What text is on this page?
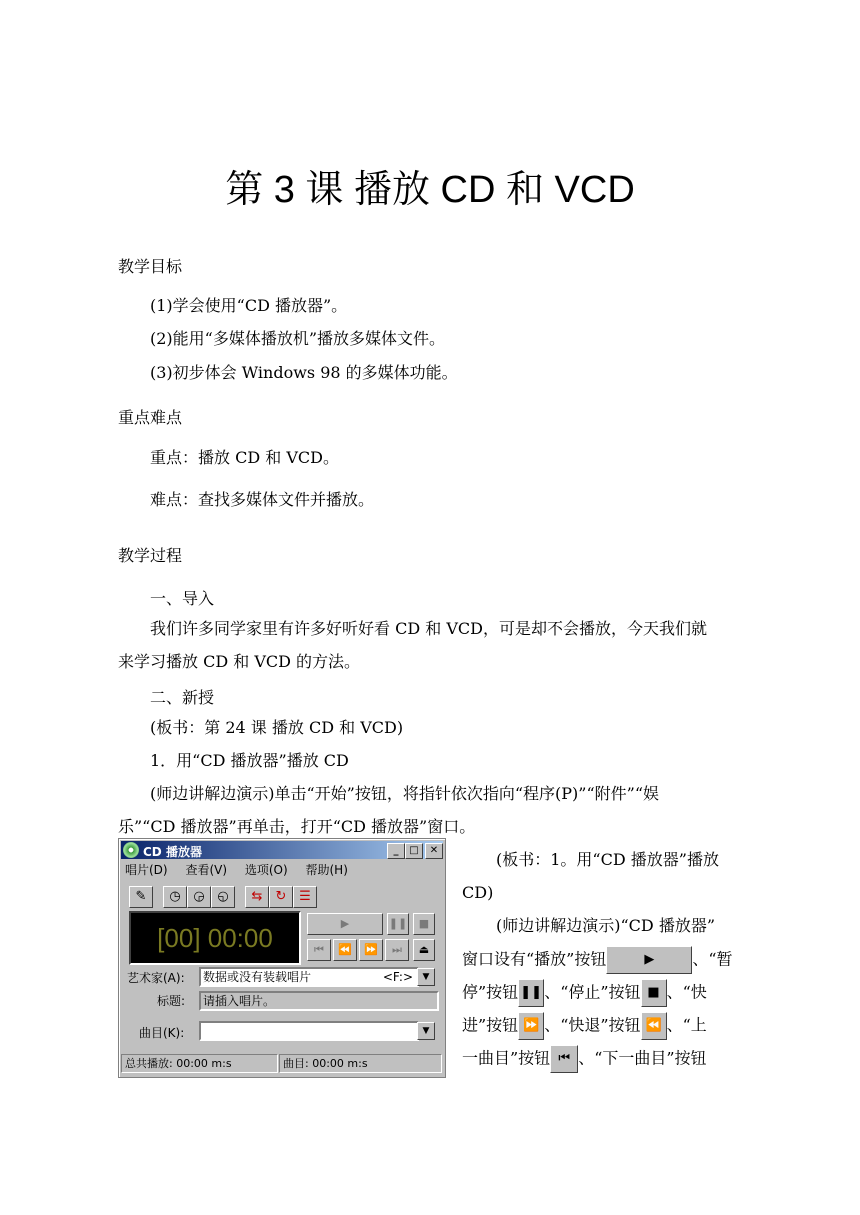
第 3 课 播放 CD 和 VCD
教学目标
(1)学会使用“CD 播放器”。
(2)能用“多媒体播放机”播放多媒体文件。
(3)初步体会 Windows 98 的多媒体功能。
重点难点
重点：播放 CD 和 VCD。
难点：查找多媒体文件并播放。
教学过程
一、导入
我们许多同学家里有许多好听好看 CD 和 VCD，可是却不会播放，今天我们就
来学习播放 CD 和 VCD 的方法。
二、新授
(板书：第 24 课 播放 CD 和 VCD)
1．用“CD 播放器”播放 CD
(师边讲解边演示)单击“开始”按钮，将指针依次指向“程序(P)”“附件”“娱
乐”“CD 播放器”再单击，打开“CD 播放器”窗口。
(板书：1。用“CD 播放器”播放
CD)
(师边讲解边演示)“CD 播放器”
窗口设有“播放”按钮	▶ 、“暂
停”按钮 ❚❚ 、“停止”按钮 ■ 、“快
进”按钮 ⏩ 、“快退”按钮 ⏪ 、“上
一曲目”按钮 ⏮ 、“下一曲目”按钮
CD 播放器	_	□	✕
唱片(D) 查看(V) 选项(O) 帮助(H)
✎	◷ ◶ ◵	⇆	↻ ☰
[00] 00:00	▶	❚❚	■
⏮	⏪	⏩	⏭	⏏
艺术家(A):	数据或没有装载唱片	<F:>	▼
标题:	请插入唱片。
曲目(K):	▼
总共播放: 00:00 m:s	曲目: 00:00 m:s
